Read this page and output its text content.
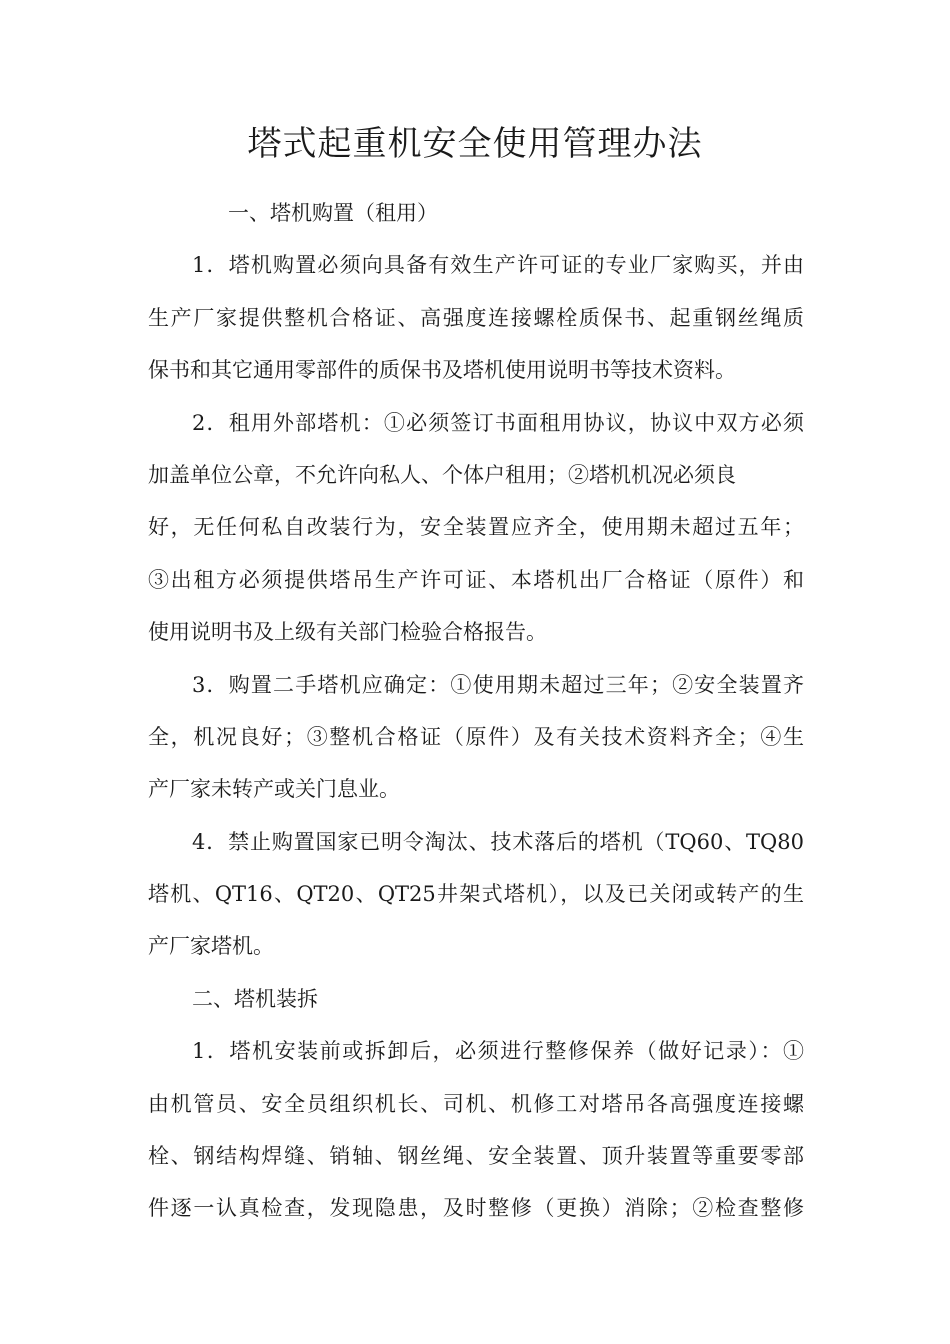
塔式起重机安全使用管理办法
一、塔机购置（租用）
1．塔机购置必须向具备有效生产许可证的专业厂家购买，并由
生产厂家提供整机合格证、高强度连接螺栓质保书、起重钢丝绳质
保书和其它通用零部件的质保书及塔机使用说明书等技术资料。
2．租用外部塔机：①必须签订书面租用协议，协议中双方必须
加盖单位公章，不允许向私人、个体户租用；②塔机机况必须良
好，无任何私自改装行为，安全装置应齐全，使用期未超过五年；
③出租方必须提供塔吊生产许可证、本塔机出厂合格证（原件）和
使用说明书及上级有关部门检验合格报告。
3．购置二手塔机应确定：①使用期未超过三年；②安全装置齐
全，机况良好；③整机合格证（原件）及有关技术资料齐全；④生
产厂家未转产或关门息业。
4．禁止购置国家已明令淘汰、技术落后的塔机（TQ60、TQ80
塔机、QT16、QT20、QT25井架式塔机），以及已关闭或转产的生
产厂家塔机。
二、塔机装拆
1．塔机安装前或拆卸后，必须进行整修保养（做好记录）：①
由机管员、安全员组织机长、司机、机修工对塔吊各高强度连接螺
栓、钢结构焊缝、销轴、钢丝绳、安全装置、顶升装置等重要零部
件逐一认真检查，发现隐患，及时整修（更换）消除；②检查整修
